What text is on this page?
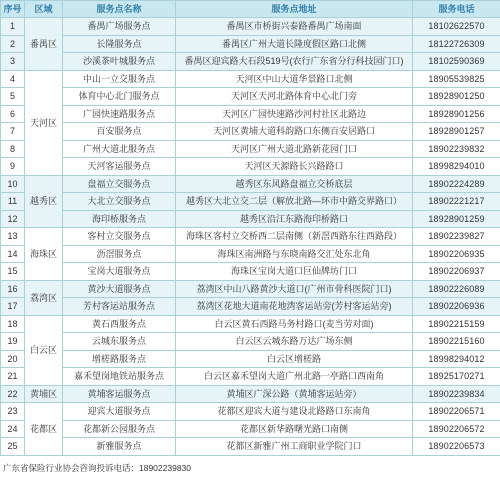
序号	区域	服务点名称	服务点地址	服务电话
1	番禺区	番禺广场服务点	番禺区市桥街兴泰路番禺广场南面	18102622570
2		长隆服务点	番禺区广州大道长隆度假区路口北侧	18122726309
3		沙溪茶叶城服务点	番禺区迎宾路大石段519号(农行广东省分行科技园门口)	18102590369
4	天河区	中山一立交服务点	天河区中山大道华景路口北侧	18905539825
5		体育中心北门服务点	天河区天河北路体育中心北门旁	18928901250
6		广园快速路服务点	天河区广园快速路沙河村社区北路边	18928901256
7		百安服务点	天河区黄埔大道科韵路口东侧百安居路口	18928901257
8		广州大道北服务点	天河区广州大道北路新花园门口	18902239832
9		天河客运服务点	天河区天源路长兴路路口	18998294010
10	越秀区	盘福立交服务点	越秀区东风路盘福立交桥底层	18902224289
11		大北立交服务点	越秀区大北立交二层（解放北路—环市中路交界路口）	18902221217
12		海印桥服务点	越秀区沿江东路海印桥路口	18928901259
13	海珠区	客村立交服务点	海珠区客村立交桥西二层南侧（新滘西路东往西路段）	18902239827
14		沥滘服务点	海珠区南洲路与东晓南路交汇处东北角	18902206935
15		宝岗大道服务点	海珠区宝岗大道口巨仙牌坊门口	18902206937
16	荔湾区	黄沙大道服务点	荔湾区中山八路黄沙大道口(广州市骨科医院门口)	18902226089
17		芳村客运站服务点	荔湾区花地大道南花地湾客运站旁(芳村客运站旁)	18902206936
18	白云区	黄石西服务点	白云区黄石西路马务村路口(麦当劳对面)	18902215159
19		云城东服务点	白云区云城东路万达广场东侧	18902215160
20		增槎路服务点	白云区增槎路	18998294012
21		嘉禾望岗地铁站服务点	白云区嘉禾望岗大道广州北路一亭路口西南角	18925170271
22	黄埔区	黄埔客运服务点	黄埔区广深公路（黄埔客运站旁）	18902239834
23	花都区	迎宾大道服务点	花都区迎宾大道与建设北路路口东南角	18902206571
24		花都新公园服务点	花都区新华路曙光路口南侧	18902206572
25		新雅服务点	花都区新雅广州工商职业学院门口	18902206573
广东省保险行业协会咨询投诉电话：18902239830
